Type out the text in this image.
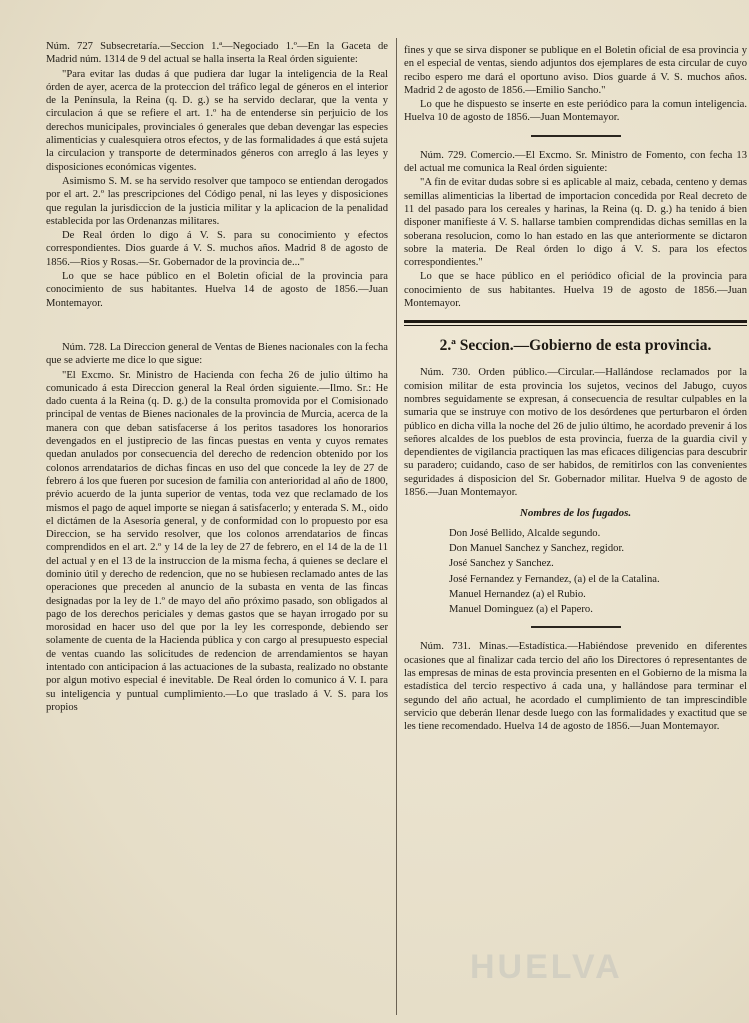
Núm. 727 Subsecretaría.—Seccion 1.ª—Negociado 1.º—En la Gaceta de Madrid núm. 1314 de 9 del actual se halla inserta la Real órden siguiente:

"Para evitar las dudas á que pudiera dar lugar la inteligencia de la Real órden de ayer, acerca de la proteccion del tráfico legal de géneros en el interior de la Península, la Reina (q. D. g.) se ha servido declarar, que la venta y circulacion á que se refiere el art. 1.º ha de entenderse sin perjuicio de los derechos municipales, provinciales ó generales que deban devengar las especies alimenticias y cualesquiera otros efectos, y de las formalidades á que está sujeta la circulacion y transporte de determinados géneros con arreglo á las leyes y disposiciones económicas vigentes.

Asimismo S. M. se ha servido resolver que tampoco se entiendan derogados por el art. 2.º las prescripciones del Código penal, ni las leyes y disposiciones que regulan la jurisdiccion de la justicia militar y la aplicacion de la penalidad establecida por las Ordenanzas militares.

De Real órden lo digo á V. S. para su conocimiento y efectos correspondientes. Dios guarde á V. S. muchos años. Madrid 8 de agosto de 1856.—Rios y Rosas.—Sr. Gobernador de la provincia de..."

Lo que se hace público en el Boletin oficial de la provincia para conocimiento de sus habitantes. Huelva 14 de agosto de 1856.—Juan Montemayor.

Núm. 728. La Direccion general de Ventas de Bienes nacionales con la fecha que se advierte me dice lo que sigue:

"El Excmo. Sr. Ministro de Hacienda con fecha 26 de julio último ha comunicado á esta Direccion general la Real órden siguiente.—Ilmo. Sr.: He dado cuenta á la Reina (q. D. g.) de la consulta promovida por el Comisionado principal de ventas de Bienes nacionales de la provincia de Murcia, acerca de la manera con que deban satisfacerse á los peritos tasadores los honorarios devengados en el justiprecio de las fincas puestas en venta y cuyos remates quedan anulados por consecuencia del derecho de redencion obtenido por los colonos arrendatarios de dichas fincas en uso del que concede la ley de 27 de febrero á los que fueren por sucesion de familia con anterioridad al año de 1800, prévio acuerdo de la junta superior de ventas, toda vez que reclamado de los mismos el pago de aquel importe se niegan á satisfacerlo; y enterada S. M., oido el dictámen de la Asesoría general, y de conformidad con lo propuesto por esa Direccion, se ha servido resolver, que los colonos arrendatarios de fincas comprendidos en el art. 2.º y 14 de la ley de 27 de febrero, en el 14 de la de 11 del actual y en el 13 de la instruccion de la misma fecha, á quienes se declare el dominio útil y derecho de redencion, que no se hubiesen reclamado antes de las operaciones que preceden al anuncio de la subasta en venta de las fincas designadas por la ley de 1.º de mayo del año próximo pasado, son obligados al pago de los derechos periciales y demas gastos que se hayan irrogado por su morosidad en hacer uso del que por la ley les corresponde, debiendo ser solamente de cuenta de la Hacienda pública y con cargo al presupuesto especial de ventas cuando las solicitudes de redencion de arrendamientos se hayan intentado con anticipacion á las actuaciones de la subasta, realizado no obstante por algun motivo especial é inevitable. De Real órden lo comunico á V. I. para su inteligencia y puntual cumplimiento.—Lo que traslado á V. S. para los propios

fines y que se sirva disponer se publique en el Boletin oficial de esa provincia y en el especial de ventas, siendo adjuntos dos ejemplares de esta circular de cuyo recibo espero me dará el oportuno aviso. Dios guarde á V. S. muchos años. Madrid 2 de agosto de 1856.—Emilio Sancho."

Lo que he dispuesto se inserte en este periódico para la comun inteligencia. Huelva 10 de agosto de 1856.—Juan Montemayor.

Núm. 729. Comercio.—El Excmo. Sr. Ministro de Fomento, con fecha 13 del actual me comunica la Real órden siguiente:

"A fin de evitar dudas sobre si es aplicable al maiz, cebada, centeno y demas semillas alimenticias la libertad de importacion concedida por Real decreto de 11 del pasado para los cereales y harinas, la Reina (q. D. g.) ha tenido á bien disponer manifieste á V. S. hallarse tambien comprendidas dichas semillas en la soberana resolucion, como lo han estado en las que anteriormente se dictaron sobre la materia. De Real órden lo digo á V. S. para los efectos correspondientes."

Lo que se hace público en el periódico oficial de la provincia para conocimiento de sus habitantes. Huelva 19 de agosto de 1856.—Juan Montemayor.

2.ª Seccion.—Gobierno de esta provincia.

Núm. 730. Orden público.—Circular.—Hallándose reclamados por la comision militar de esta provincia los sujetos, vecinos del Jabugo, cuyos nombres seguidamente se expresan, á consecuencia de resultar culpables en la sumaria que se instruye con motivo de los desórdenes que perturbaron el órden público en dicha villa la noche del 26 de julio último, he acordado prevenir á los señores alcaldes de los pueblos de esta provincia, fuerza de la guardia civil y dependientes de vigilancia practiquen las mas eficaces diligencias para descubrir su paradero; cuidando, caso de ser habidos, de remitirlos con las convenientes seguridades á disposicion del Sr. Gobernador militar. Huelva 9 de agosto de 1856.—Juan Montemayor.

Nombres de los fugados.

Don José Bellido, Alcalde segundo.

Don Manuel Sanchez y Sanchez, regidor.

José Sanchez y Sanchez.

José Fernandez y Fernandez, (a) el de la Catalina.

Manuel Hernandez (a) el Rubio.

Manuel Dominguez (a) el Papero.

Núm. 731. Minas.—Estadística.—Habiéndose prevenido en diferentes ocasiones que al finalizar cada tercio del año los Directores ó representantes de las empresas de minas de esta provincia presenten en el Gobierno de la misma la estadística del tercio respectivo á cada una, y hallándose para terminar el segundo del año actual, he acordado el cumplimiento de tan imprescindible servicio que deberán llenar desde luego con las formalidades y exactitud que se les tiene recomendado. Huelva 14 de agosto de 1856.—Juan Montemayor.

HUELVA
